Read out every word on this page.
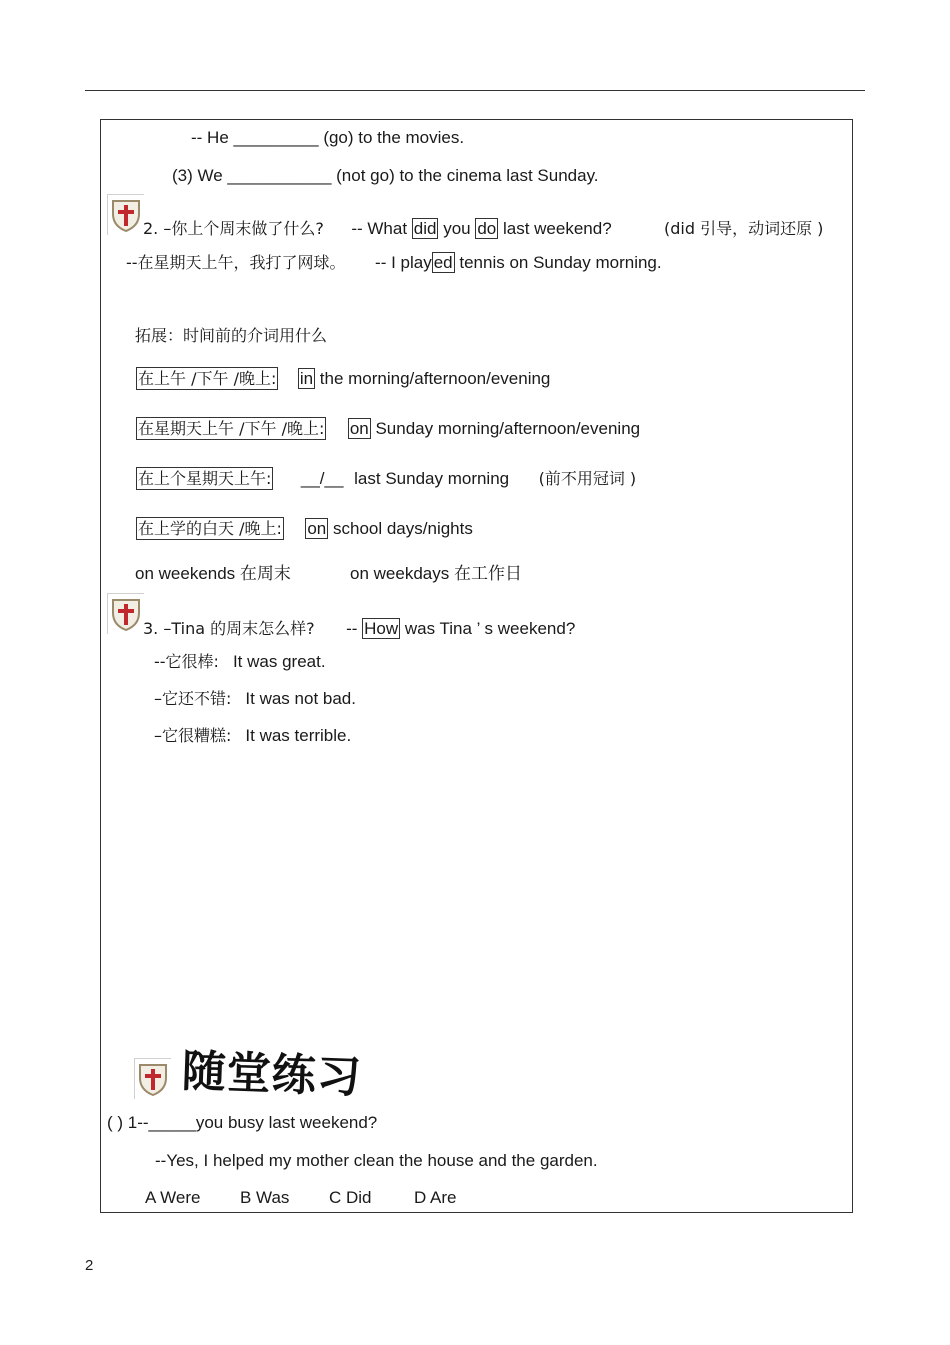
-- He _________ (go) to the movies.
(3) We ___________ (not go) to the cinema last Sunday.
2. –你上个周末做了什么? -- What did you do last weekend?	(did 引导，动词还原 )
--在星期天上午，我打了网球。 -- I play ed tennis on Sunday morning.
拓展：时间前的介词用什么
在上午 /下午 /晚上: in the morning/afternoon/evening
在星期天上午 /下午 /晚上: on Sunday morning/afternoon/evening
在上个星期天上午: __/__ last Sunday morning (前不用冠词 )
在上学的白天 /晚上: on school days/nights
on weekends 在周末	on weekdays 在工作日
3. –Tina 的周末怎么样? -- How was Tina ’ s weekend?
--它很棒: It was great.
–它还不错: It was not bad.
–它很糟糕: It was terrible.
随堂练习
( ) 1--_____you busy last weekend?
--Yes, I helped my mother clean the house and the garden.
A Were B Was C Did D Are
2
